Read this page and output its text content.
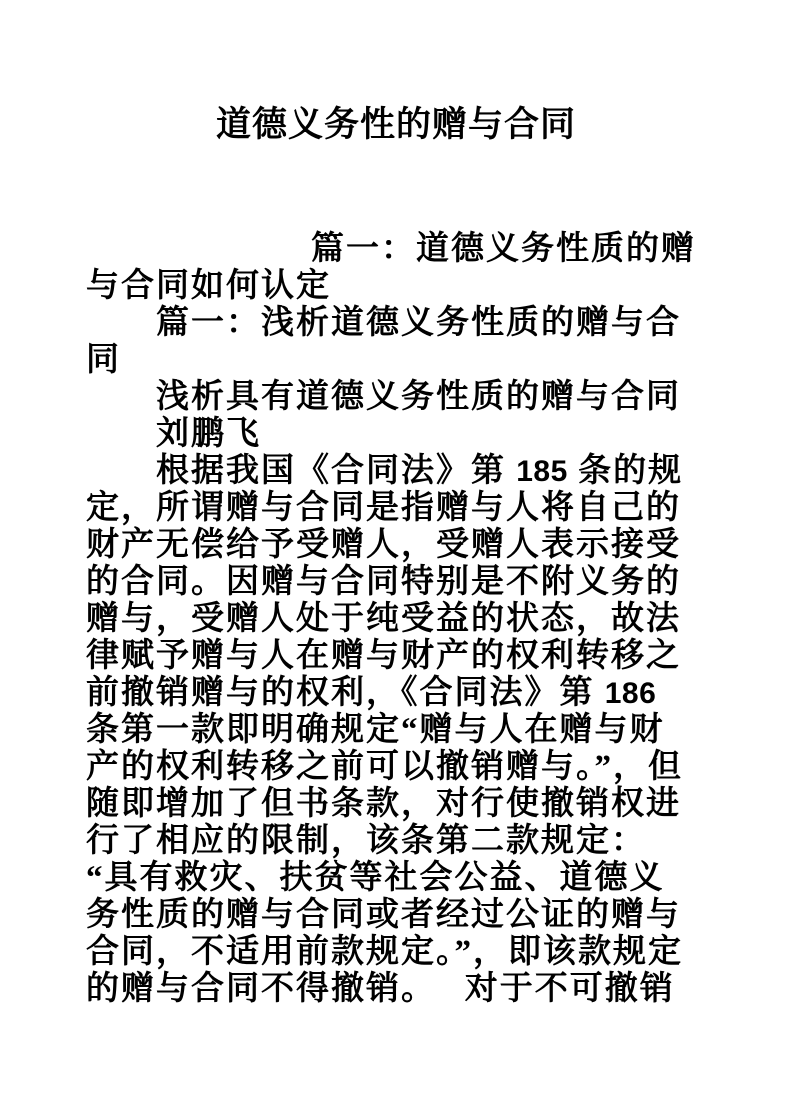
道德义务性的赠与合同
篇一：道德义务性质的赠
与合同如何认定
篇一：浅析道德义务性质的赠与合
同
浅析具有道德义务性质的赠与合同
刘鹏飞
根据我国《合同法》第 185 条的规
定，所谓赠与合同是指赠与人将自己的
财产无偿给予受赠人，受赠人表示接受
的合同。因赠与合同特别是不附义务的
赠与，受赠人处于纯受益的状态，故法
律赋予赠与人在赠与财产的权利转移之
前撤销赠与的权利，《合同法》第 186
条第一款即明确规定“赠与人在赠与财
产的权利转移之前可以撤销赠与。”，但
随即增加了但书条款，对行使撤销权进
行了相应的限制，该条第二款规定：
“具有救灾、扶贫等社会公益、道德义
务性质的赠与合同或者经过公证的赠与
合同，不适用前款规定。”，即该款规定
的赠与合同不得撤销。　 对于不可撤销
